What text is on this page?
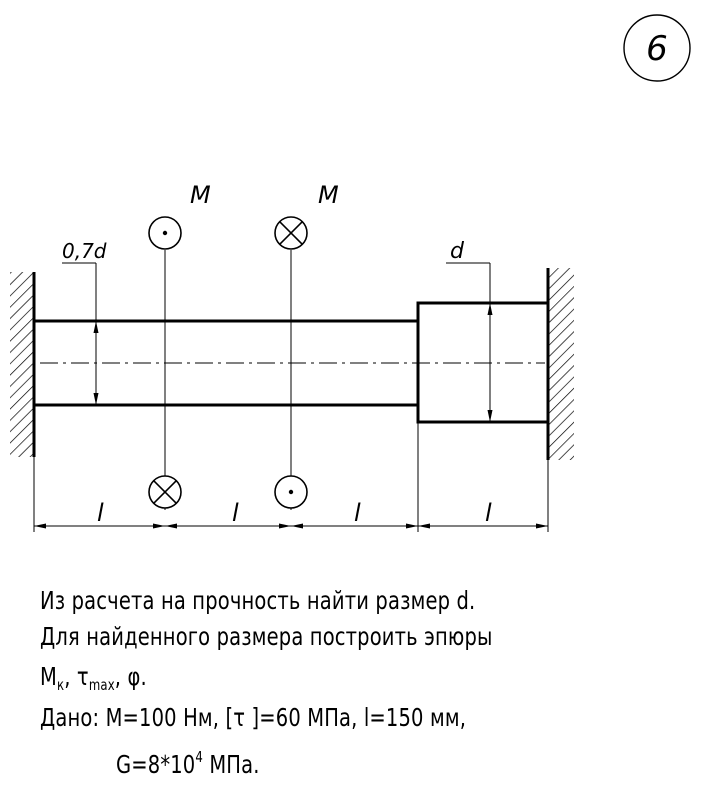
6
0,7d	d
M	M
l	l	l	l
Из расчета на прочность найти размер d.
Для найденного размера построить эпюры
$M_к$, $\tau_{max}$, φ.
Дано: M=100 Нм, [τ ]=60 МПа, l=150 мм,
$G=8*10^4$ МПа.
